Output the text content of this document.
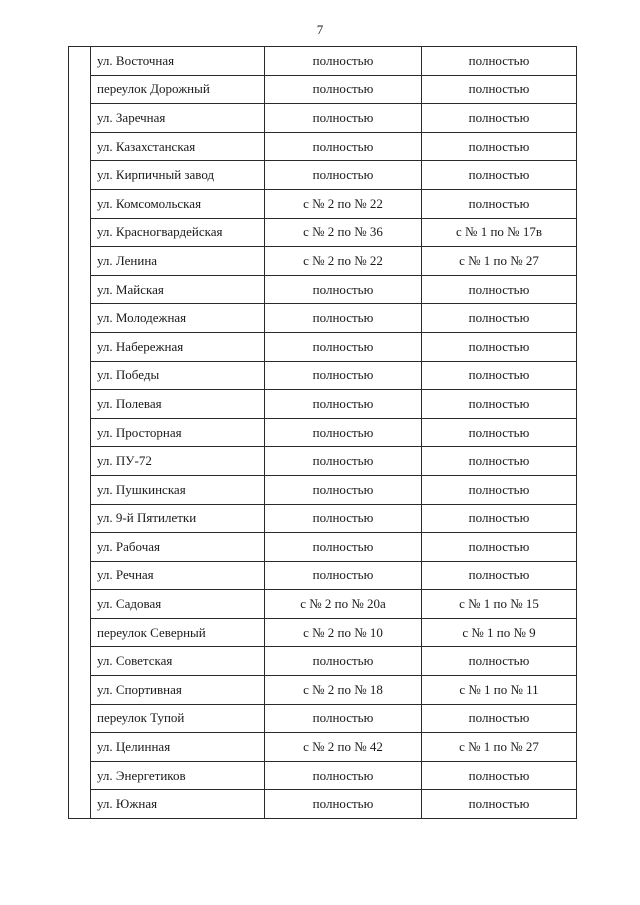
7
	ул. Восточная	полностью	полностью
	переулок Дорожный	полностью	полностью
	ул. Заречная	полностью	полностью
	ул. Казахстанская	полностью	полностью
	ул. Кирпичный завод	полностью	полностью
	ул. Комсомольская	с № 2 по № 22	полностью
	ул. Красногвардейская	с № 2 по № 36	с № 1 по № 17в
	ул. Ленина	с № 2 по № 22	с № 1 по № 27
	ул. Майская	полностью	полностью
	ул. Молодежная	полностью	полностью
	ул. Набережная	полностью	полностью
	ул. Победы	полностью	полностью
	ул. Полевая	полностью	полностью
	ул. Просторная	полностью	полностью
	ул. ПУ-72	полностью	полностью
	ул. Пушкинская	полностью	полностью
	ул. 9-й Пятилетки	полностью	полностью
	ул. Рабочая	полностью	полностью
	ул. Речная	полностью	полностью
	ул. Садовая	с № 2 по № 20а	с № 1 по № 15
	переулок Северный	с № 2 по № 10	с № 1 по № 9
	ул. Советская	полностью	полностью
	ул. Спортивная	с № 2 по № 18	с № 1 по № 11
	переулок Тупой	полностью	полностью
	ул. Целинная	с № 2 по № 42	с № 1 по № 27
	ул. Энергетиков	полностью	полностью
	ул. Южная	полностью	полностью
